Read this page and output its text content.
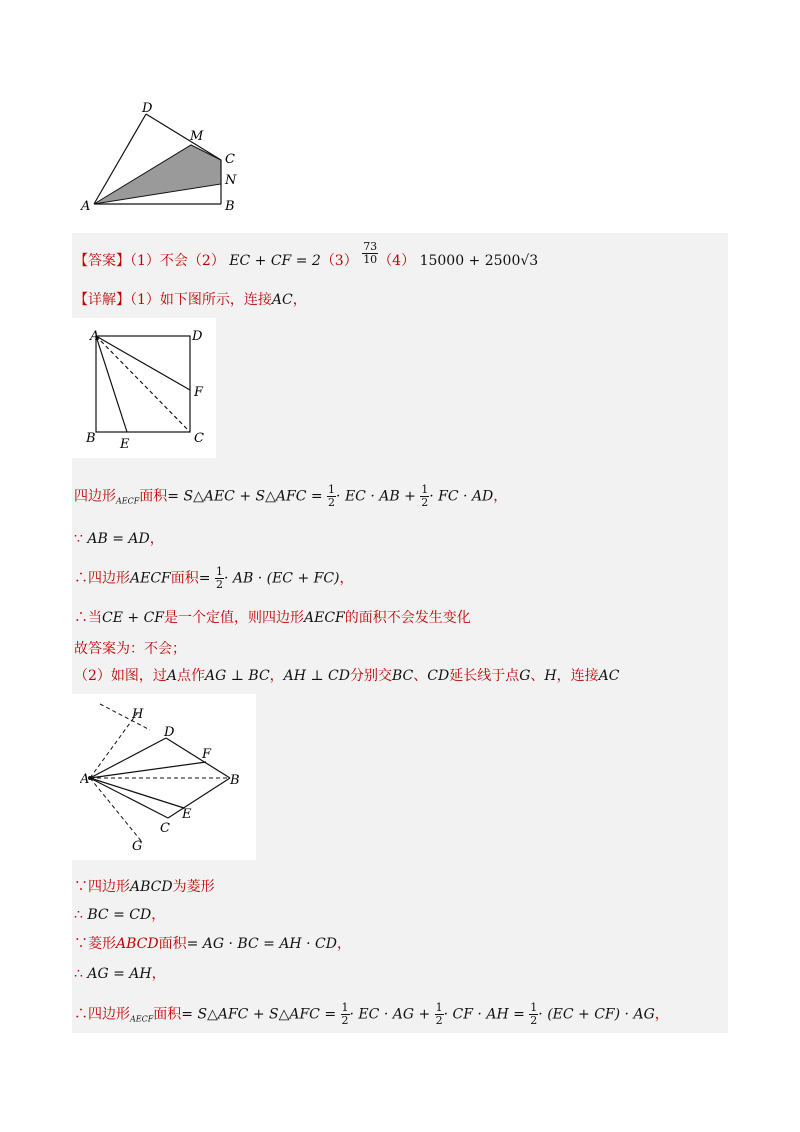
D
M
C
N
A	B
【答案】（1）不会（2） EC + CF = $2(3) \frac{73}{10} (4) 15000 + 2500√3$
【详解】（1）如下图所示，连接AC，
A	D
F
B E	C
四边形$_{AECF}$面积= S△AEC + S△AFC = $\frac{1}{2}$ · EC · AB + $\frac{1}{2}$ · FC · AD，
∵ AB = AD，
∴四边形AECF面积= $\frac{1}{2}$ · AB · (EC + FC)，
∴当CE + CF是一个定值，则四边形AECF的面积不会发生变化
故答案为：不会；
（2）如图，过A点作AG ⊥ BC，AH ⊥ CD分别交BC、CD延长线于点G、H，连接AC
H
D
F
A	B
E
C
G
∵四边形ABCD为菱形
∴ BC = CD，
∵菱形ABCD面积= AG · BC = AH · CD，
∴ AG = AH，
∴四边形$_{AECF}$面积= S△AFC + S△AFC = $\frac{1}{2}$ · EC · AG + $\frac{1}{2}$ · CF · AH = $\frac{1}{2} \cdot (EC + CF)$ · AG，
